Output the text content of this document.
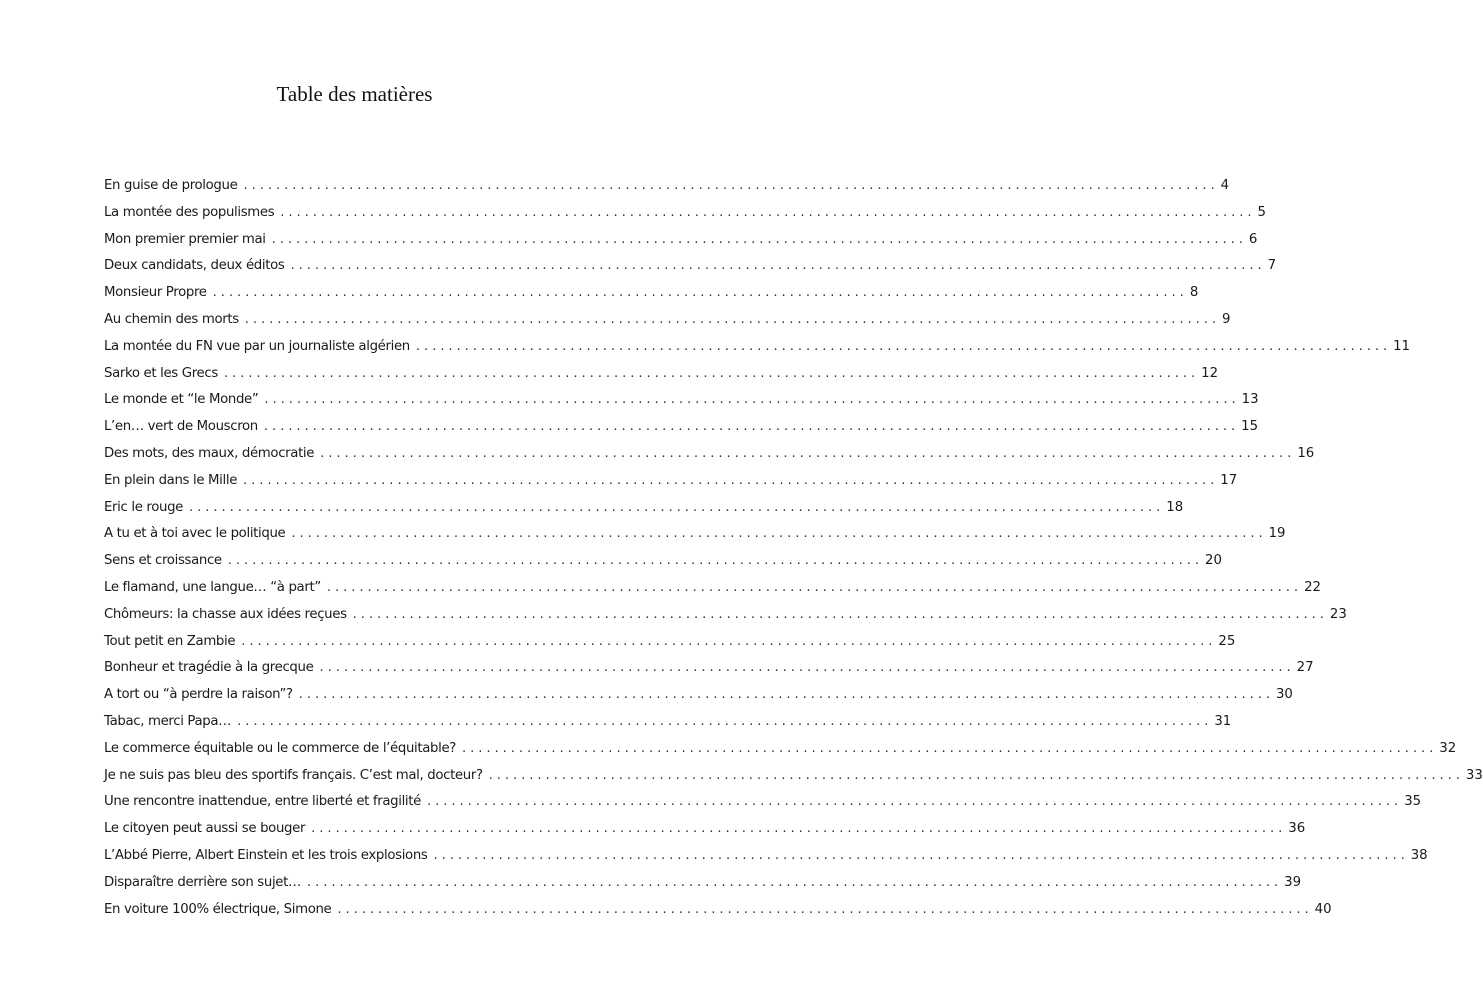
Table des matières
En guise de prologue ........................................................................................................................ 4
La montée des populismes ........................................................................................................................ 5
Mon premier premier mai ........................................................................................................................ 6
Deux candidats, deux éditos ........................................................................................................................ 7
Monsieur Propre ........................................................................................................................ 8
Au chemin des morts ........................................................................................................................ 9
La montée du FN vue par un journaliste algérien ........................................................................................................................ 11
Sarko et les Grecs ........................................................................................................................ 12
Le monde et “le Monde” ........................................................................................................................ 13
L’en… vert de Mouscron ........................................................................................................................ 15
Des mots, des maux, démocratie ........................................................................................................................ 16
En plein dans le Mille ........................................................................................................................ 17
Eric le rouge ........................................................................................................................ 18
A tu et à toi avec le politique ........................................................................................................................ 19
Sens et croissance ........................................................................................................................ 20
Le flamand, une langue… “à part” ........................................................................................................................ 22
Chômeurs: la chasse aux idées reçues ........................................................................................................................ 23
Tout petit en Zambie ........................................................................................................................ 25
Bonheur et tragédie à la grecque ........................................................................................................................ 27
A tort ou “à perdre la raison”? ........................................................................................................................ 30
Tabac, merci Papa… ........................................................................................................................ 31
Le commerce équitable ou le commerce de l’équitable? ........................................................................................................................ 32
Je ne suis pas bleu des sportifs français. C’est mal, docteur? ........................................................................................................................ 33
Une rencontre inattendue, entre liberté et fragilité ........................................................................................................................ 35
Le citoyen peut aussi se bouger ........................................................................................................................ 36
L’Abbé Pierre, Albert Einstein et les trois explosions ........................................................................................................................ 38
Disparaître derrière son sujet… ........................................................................................................................ 39
En voiture 100% électrique, Simone ........................................................................................................................ 40
